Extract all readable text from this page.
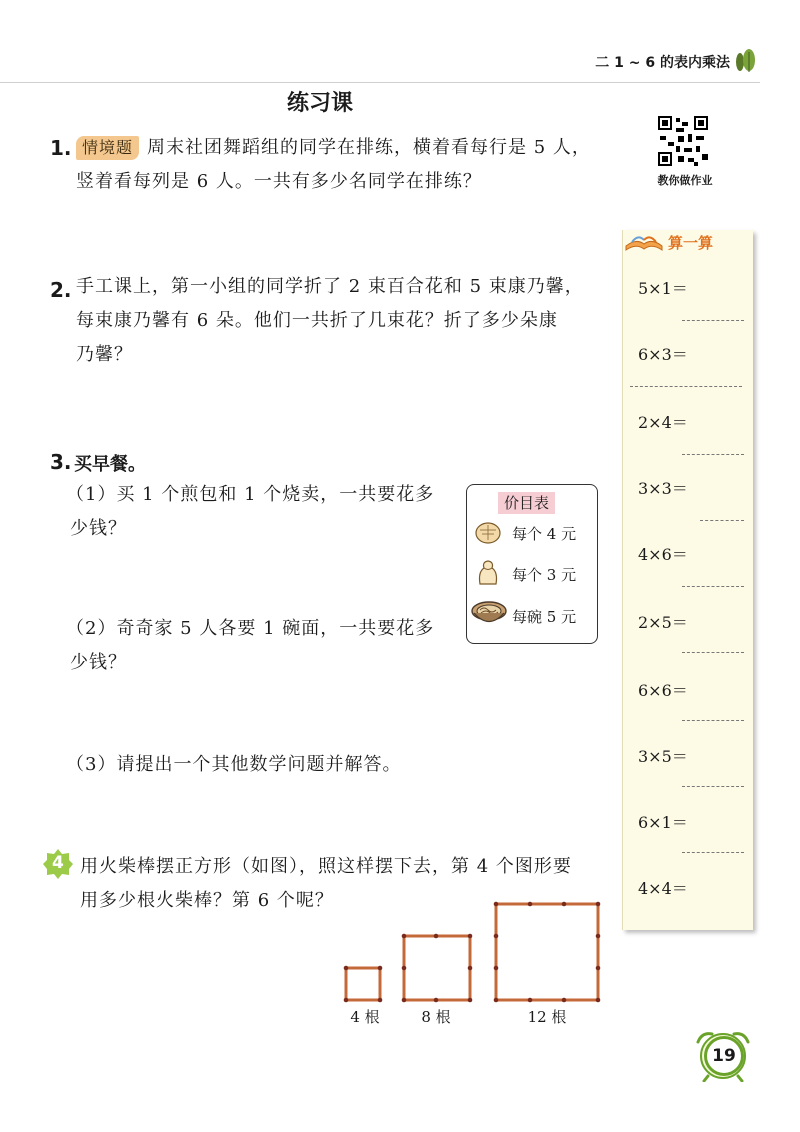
二 1 ~ 6 的表内乘法
练习课
教你做作业
1. 情境题 周末社团舞蹈组的同学在排练，横着看每行是 5 人，
竖着看每列是 6 人。一共有多少名同学在排练？
2. 手工课上，第一小组的同学折了 2 束百合花和 5 束康乃馨，
每束康乃馨有 6 朵。他们一共折了几束花？折了多少朵康
乃馨？
3. 买早餐。
（1）买 1 个煎包和 1 个烧卖，一共要花多
少钱？
（2）奇奇家 5 人各要 1 碗面，一共要花多
少钱？
（3）请提出一个其他数学问题并解答。
价目表
每个 4 元
每个 3 元
每碗 5 元
4 用火柴棒摆正方形（如图），照这样摆下去，第 4 个图形要
用多少根火柴棒？第 6 个呢？
4 根	8 根	12 根
算一算
5×1＝
6×3＝
2×4＝
3×3＝
4×6＝
2×5＝
6×6＝
3×5＝
6×1＝
4×4＝
19
